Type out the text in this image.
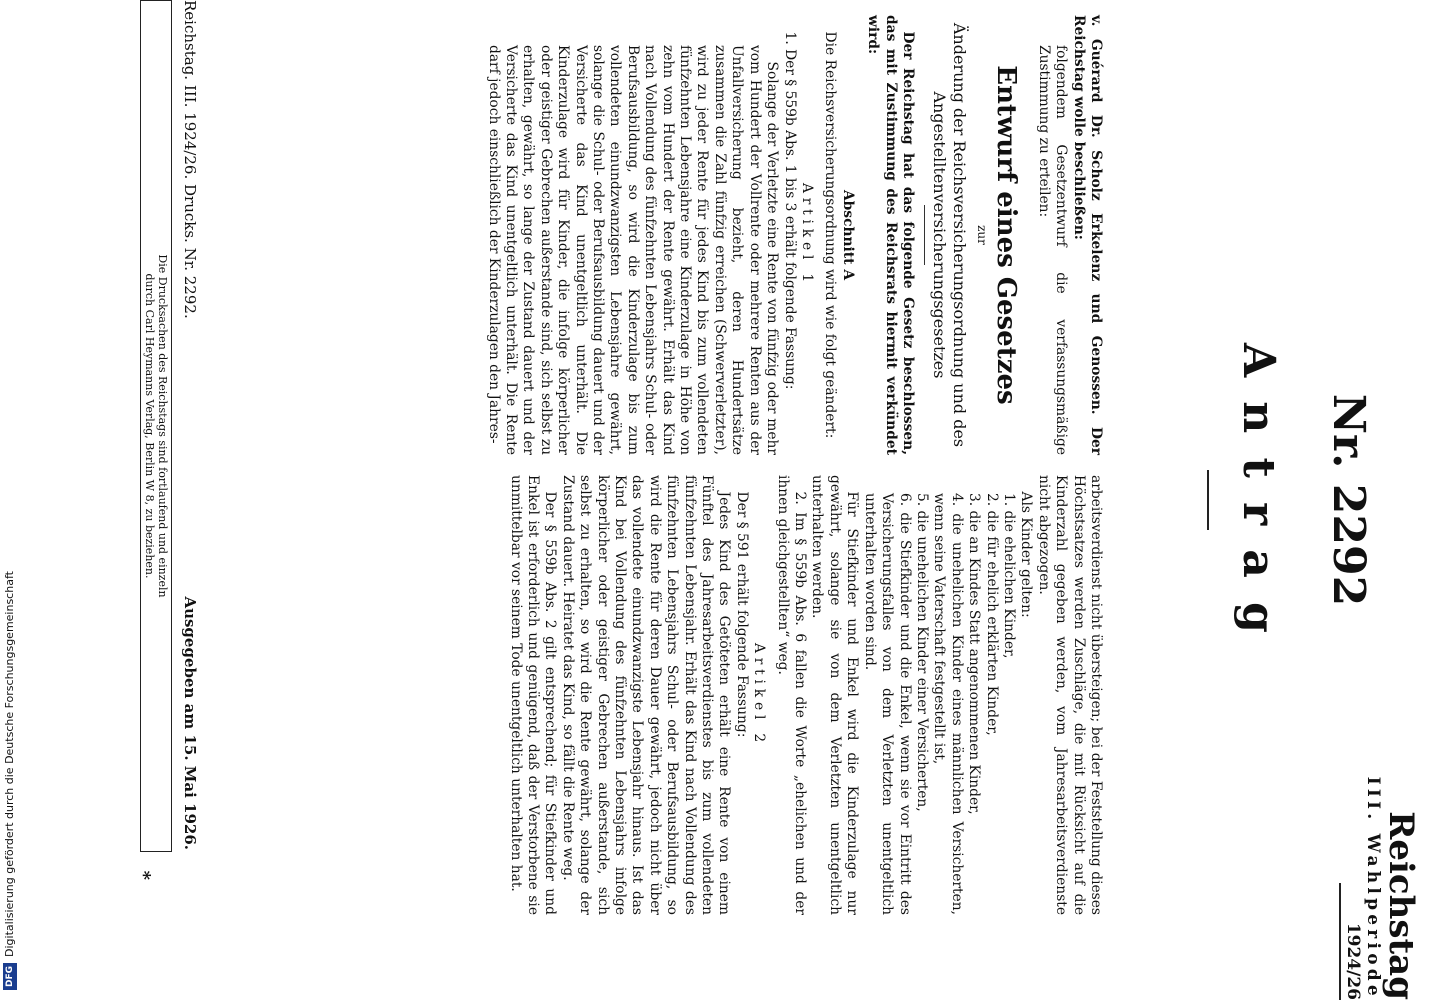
Reichstag
III. Wahlperiode
1924/26
Nr. 2292
Antrag

v. Guérard Dr. Scholz Erkelenz und Genossen. Der Reichstag wolle beschließen:

folgendem Gesetzentwurf die verfassungsmäßige Zustimmung zu erteilen:

Entwurf eines Gesetzes
zur
Änderung der Reichsversicherungsordnung und des Angestelltenversicherungsgesetzes

Der Reichstag hat das folgende Gesetz beschlossen, das mit Zustimmung des Reichsrats hiermit verkündet wird:

Abschnitt A

Die Reichsversicherungsordnung wird wie folgt geändert:

Artikel 1

1. Der § 559b Abs. 1 bis 3 erhält folgende Fassung:

Solange der Verletzte eine Rente von fünfzig oder mehr vom Hundert der Vollrente oder mehrere Renten aus der Unfallversicherung bezieht, deren Hundertsätze zusammen die Zahl fünfzig erreichen (Schwerverletzter), wird zu jeder Rente für jedes Kind bis zum vollendeten fünfzehnten Lebensjahre eine Kinderzulage in Höhe von zehn vom Hundert der Rente gewährt. Erhält das Kind nach Vollendung des fünfzehnten Lebensjahrs Schul- oder Berufsausbildung, so wird die Kinderzulage bis zum vollendeten einundzwanzigsten Lebensjahre gewährt, solange die Schul- oder Berufsausbildung dauert und der Versicherte das Kind unentgeltlich unterhält. Die Kinderzulage wird für Kinder, die infolge körperlicher oder geistiger Gebrechen außerstande sind, sich selbst zu erhalten, gewährt, so lange der Zustand dauert und der Versicherte das Kind unentgeltlich unterhält. Die Rente darf jedoch einschließlich der Kinderzulagen den Jahres-

arbeitsverdienst nicht übersteigen; bei der Feststellung dieses Höchstsatzes werden Zuschläge, die mit Rücksicht auf die Kinderzahl gegeben werden, vom Jahresarbeitsverdienste nicht abgezogen.

Als Kinder gelten:

1. die ehelichen Kinder,
2. die für ehelich erklärten Kinder,
3. die an Kindes Statt angenommenen Kinder,
4. die unehelichen Kinder eines männlichen Versicherten, wenn seine Vaterschaft festgestellt ist,
5. die unehelichen Kinder einer Versicherten,
6. die Stiefkinder und die Enkel, wenn sie vor Eintritt des Versicherungsfalles von dem Verletzten unentgeltlich unterhalten worden sind.

Für Stiefkinder und Enkel wird die Kinderzulage nur gewährt, solange sie von dem Verletzten unentgeltlich unterhalten werden.

2. Im § 559b Abs. 6 fallen die Worte „ehelichen und der ihnen gleichgestellten“ weg.

Artikel 2

Der § 591 erhält folgende Fassung:

Jedes Kind des Getöteten erhält eine Rente von einem Fünftel des Jahresarbeitsverdienstes bis zum vollendeten fünfzehnten Lebensjahr. Erhält das Kind nach Vollendung des fünfzehnten Lebensjahrs Schul- oder Berufsausbildung, so wird die Rente für deren Dauer gewährt, jedoch nicht über das vollendete einundzwanzigste Lebensjahr hinaus. Ist das Kind bei Vollendung des fünfzehnten Lebensjahrs infolge körperlicher oder geistiger Gebrechen außerstande, sich selbst zu erhalten, so wird die Rente gewährt, solange der Zustand dauert. Heiratet das Kind, so fällt die Rente weg.

Der § 559b Abs. 2 gilt entsprechend; für Stiefkinder und Enkel ist erforderlich und genügend, daß der Verstorbene sie unmittelbar vor seinem Tode unentgeltlich unterhalten hat.

Reichstag. III. 1924/26. Drucks. Nr. 2292.
Ausgegeben am 15. Mai 1926.
Die Drucksachen des Reichstags sind fortlaufend und einzeln
durch Carl Heymanns Verlag, Berlin W 8, zu beziehen.
*
DFGDigitalisierung gefördert durch die Deutsche Forschungsgemeinschaft
